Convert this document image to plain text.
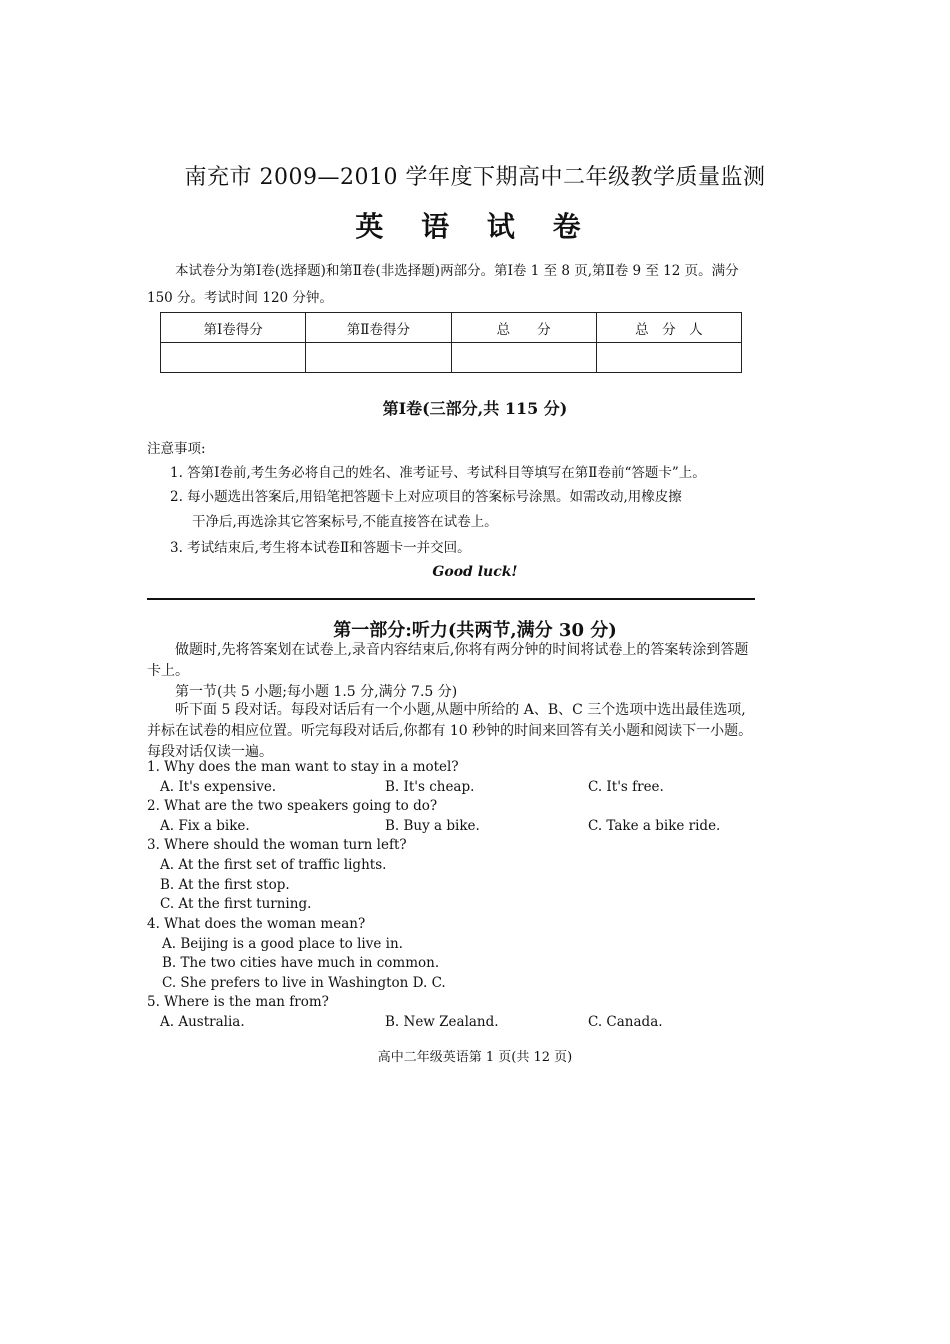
南充市 2009—2010 学年度下期高中二年级教学质量监测
英 语 试 卷
本试卷分为第Ⅰ卷(选择题)和第Ⅱ卷(非选择题)两部分。第Ⅰ卷 1 至 8 页,第Ⅱ卷 9 至 12 页。满分 150 分。考试时间 120 分钟。
第Ⅰ卷得分	第Ⅱ卷得分	总　　分	总　分　人

第Ⅰ卷(三部分,共 115 分)
注意事项:
1. 答第Ⅰ卷前,考生务必将自己的姓名、准考证号、考试科目等填写在第Ⅱ卷前“答题卡”上。
2. 每小题选出答案后,用铅笔把答题卡上对应项目的答案标号涂黑。如需改动,用橡皮擦
干净后,再选涂其它答案标号,不能直接答在试卷上。
3. 考试结束后,考生将本试卷Ⅱ和答题卡一并交回。
Good luck!
第一部分:听力(共两节,满分 30 分)
做题时,先将答案划在试卷上,录音内容结束后,你将有两分钟的时间将试卷上的答案转涂到答题卡上。
第一节(共 5 小题;每小题 1.5 分,满分 7.5 分)
听下面 5 段对话。每段对话后有一个小题,从题中所给的 A、B、C 三个选项中选出最佳选项,并标在试卷的相应位置。听完每段对话后,你都有 10 秒钟的时间来回答有关小题和阅读下一小题。每段对话仅读一遍。
1. Why does the man want to stay in a motel?
A. It's expensive.	B. It's cheap.	C. It's free.
2. What are the two speakers going to do?
A. Fix a bike.	B. Buy a bike.	C. Take a bike ride.
3. Where should the woman turn left?
A. At the first set of traffic lights.
B. At the first stop.
C. At the first turning.
4. What does the woman mean?
A. Beijing is a good place to live in.
B. The two cities have much in common.
C. She prefers to live in Washington D. C.
5. Where is the man from?
A. Australia.	B. New Zealand.	C. Canada.
高中二年级英语第 1 页(共 12 页)
